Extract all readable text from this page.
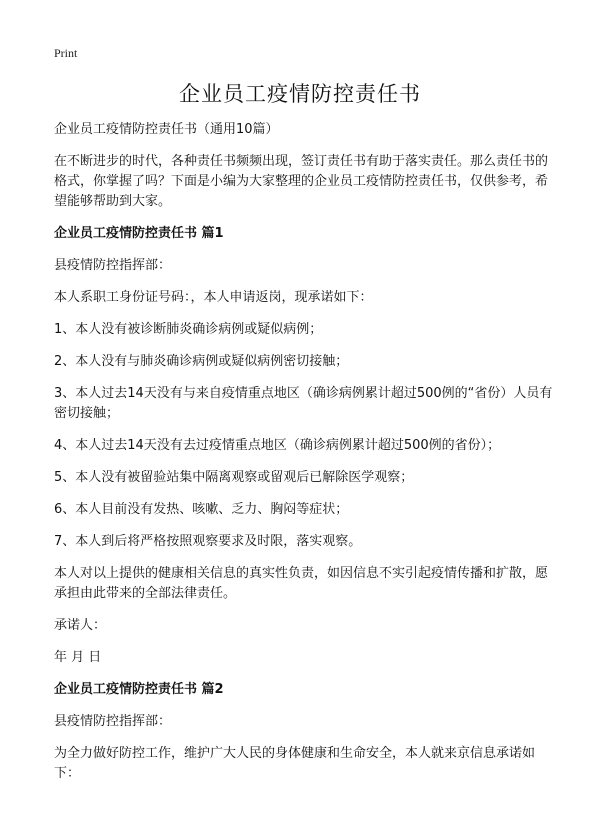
Print
企业员工疫情防控责任书

企业员工疫情防控责任书（通用10篇）

在不断进步的时代，各种责任书频频出现，签订责任书有助于落实责任。那么责任书的格式，你掌握了吗？下面是小编为大家整理的企业员工疫情防控责任书，仅供参考，希望能够帮助到大家。

企业员工疫情防控责任书 篇1

县疫情防控指挥部：

本人系职工身份证号码：，本人申请返岗，现承诺如下：

1、本人没有被诊断肺炎确诊病例或疑似病例；

2、本人没有与肺炎确诊病例或疑似病例密切接触；

3、本人过去14天没有与来自疫情重点地区（确诊病例累计超过500例的“省份）人员有密切接触；

4、本人过去14天没有去过疫情重点地区（确诊病例累计超过500例的省份）；

5、本人没有被留验站集中隔离观察或留观后已解除医学观察；

6、本人目前没有发热、咳嗽、乏力、胸闷等症状；

7、本人到后将严格按照观察要求及时限，落实观察。

本人对以上提供的健康相关信息的真实性负责，如因信息不实引起疫情传播和扩散，愿承担由此带来的全部法律责任。

承诺人：

年 月 日

企业员工疫情防控责任书 篇2

县疫情防控指挥部：

为全力做好防控工作，维护广大人民的身体健康和生命安全，本人就来京信息承诺如下：
